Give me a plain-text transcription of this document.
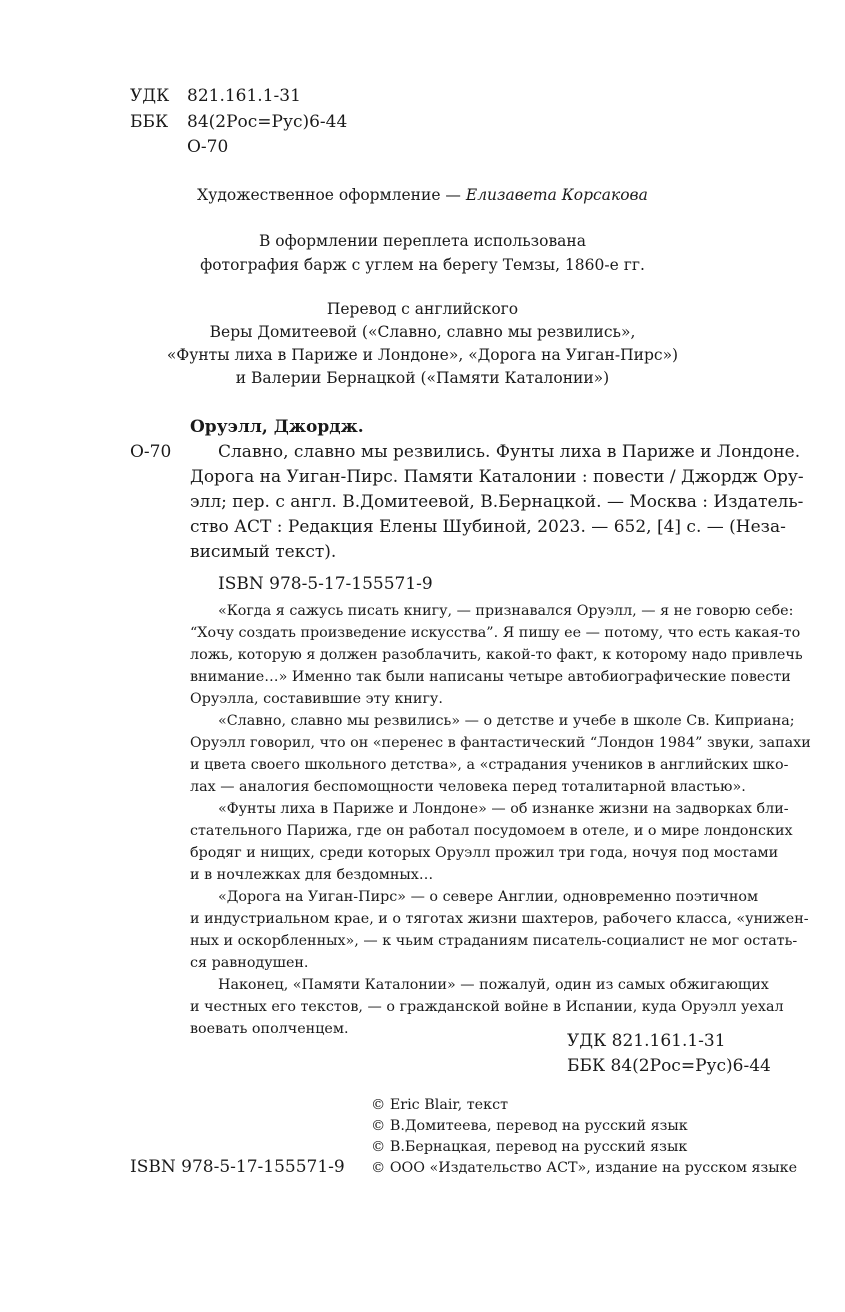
УДК 821.161.1-31
ББК 84(2Рос=Рус)6-44
О-70
Художественное оформление — Елизавета Корсакова
В оформлении переплета использована
фотография барж с углем на берегу Темзы, 1860-е гг.
Перевод с английского
Веры Домитеевой («Славно, славно мы резвились»,
«Фунты лиха в Париже и Лондоне», «Дорога на Уиган-Пирс»)
и Валерии Бернацкой («Памяти Каталонии»)
Оруэлл, Джордж.
О-70	Славно, славно мы резвились. Фунты лиха в Париже и Лондоне.
Дорога на Уиган-Пирс. Памяти Каталонии : повести / Джордж Ору-
элл; пер. с англ. В.Домитеевой, В.Бернацкой. — Москва : Издатель-
ство АСТ : Редакция Елены Шубиной, 2023. — 652, [4] с. — (Неза-
висимый текст).
ISBN 978-5-17-155571-9
«Когда я сажусь писать книгу, — признавался Оруэлл, — я не говорю себе:
“Хочу создать произведение искусства”. Я пишу ее — потому, что есть какая-то
ложь, которую я должен разоблачить, какой-то факт, к которому надо привлечь
внимание…» Именно так были написаны четыре автобиографические повести
Оруэлла, составившие эту книгу.
«Славно, славно мы резвились» — о детстве и учебе в школе Св. Киприана;
Оруэлл говорил, что он «перенес в фантастический “Лондон 1984” звуки, запахи
и цвета своего школьного детства», а «страдания учеников в английских шко-
лах — аналогия беспомощности человека перед тоталитарной властью».
«Фунты лиха в Париже и Лондоне» — об изнанке жизни на задворках бли-
стательного Парижа, где он работал посудомоем в отеле, и о мире лондонских
бродяг и нищих, среди которых Оруэлл прожил три года, ночуя под мостами
и в ночлежках для бездомных…
«Дорога на Уиган-Пирс» — о севере Англии, одновременно поэтичном
и индустриальном крае, и о тяготах жизни шахтеров, рабочего класса, «унижен-
ных и оскорбленных», — к чьим страданиям писатель-социалист не мог остать-
ся равнодушен.
Наконец, «Памяти Каталонии» — пожалуй, один из самых обжигающих
и честных его текстов, — о гражданской войне в Испании, куда Оруэлл уехал
воевать ополченцем.
УДК 821.161.1-31
ББК 84(2Рос=Рус)6-44
© Eric Blair, текст
© В.Домитеева, перевод на русский язык
© В.Бернацкая, перевод на русский язык
© ООО «Издательство АСТ», издание на русском языке
ISBN 978-5-17-155571-9
